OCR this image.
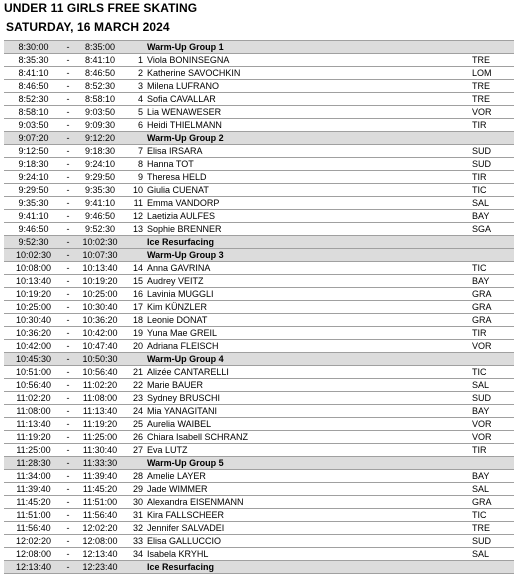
UNDER 11 GIRLS FREE SKATING
SATURDAY, 16 MARCH 2024
8:30:00	-	8:35:00		Warm-Up Group 1	
8:35:30	-	8:41:10	1	Viola BONINSEGNA	TRE
8:41:10	-	8:46:50	2	Katherine SAVOCHKIN	LOM
8:46:50	-	8:52:30	3	Milena LUFRANO	TRE
8:52:30	-	8:58:10	4	Sofia CAVALLAR	TRE
8:58:10	-	9:03:50	5	Lia WENAWESER	VOR
9:03:50	-	9:09:30	6	Heidi THIELMANN	TIR
9:07:20	-	9:12:20		Warm-Up Group 2	
9:12:50	-	9:18:30	7	Elisa IRSARA	SUD
9:18:30	-	9:24:10	8	Hanna TOT	SUD
9:24:10	-	9:29:50	9	Theresa HELD	TIR
9:29:50	-	9:35:30	10	Giulia CUENAT	TIC
9:35:30	-	9:41:10	11	Emma VANDORP	SAL
9:41:10	-	9:46:50	12	Laetizia AULFES	BAY
9:46:50	-	9:52:30	13	Sophie BRENNER	SGA
9:52:30	-	10:02:30		Ice Resurfacing	
10:02:30	-	10:07:30		Warm-Up Group 3	
10:08:00	-	10:13:40	14	Anna GAVRINA	TIC
10:13:40	-	10:19:20	15	Audrey VEITZ	BAY
10:19:20	-	10:25:00	16	Lavinia MUGGLI	GRA
10:25:00	-	10:30:40	17	Kim KÜNZLER	GRA
10:30:40	-	10:36:20	18	Leonie DONAT	GRA
10:36:20	-	10:42:00	19	Yuna Mae GREIL	TIR
10:42:00	-	10:47:40	20	Adriana FLEISCH	VOR
10:45:30	-	10:50:30		Warm-Up Group 4	
10:51:00	-	10:56:40	21	Alizée CANTARELLI	TIC
10:56:40	-	11:02:20	22	Marie BAUER	SAL
11:02:20	-	11:08:00	23	Sydney BRUSCHI	SUD
11:08:00	-	11:13:40	24	Mia YANAGITANI	BAY
11:13:40	-	11:19:20	25	Aurelia WAIBEL	VOR
11:19:20	-	11:25:00	26	Chiara Isabell SCHRANZ	VOR
11:25:00	-	11:30:40	27	Eva LUTZ	TIR
11:28:30	-	11:33:30		Warm-Up Group 5	
11:34:00	-	11:39:40	28	Amelie LAYER	BAY
11:39:40	-	11:45:20	29	Jade WIMMER	SAL
11:45:20	-	11:51:00	30	Alexandra EISENMANN	GRA
11:51:00	-	11:56:40	31	Kira FALLSCHEER	TIC
11:56:40	-	12:02:20	32	Jennifer SALVADEI	TRE
12:02:20	-	12:08:00	33	Elisa GALLUCCIO	SUD
12:08:00	-	12:13:40	34	Isabela KRYHL	SAL
12:13:40	-	12:23:40		Ice Resurfacing	
